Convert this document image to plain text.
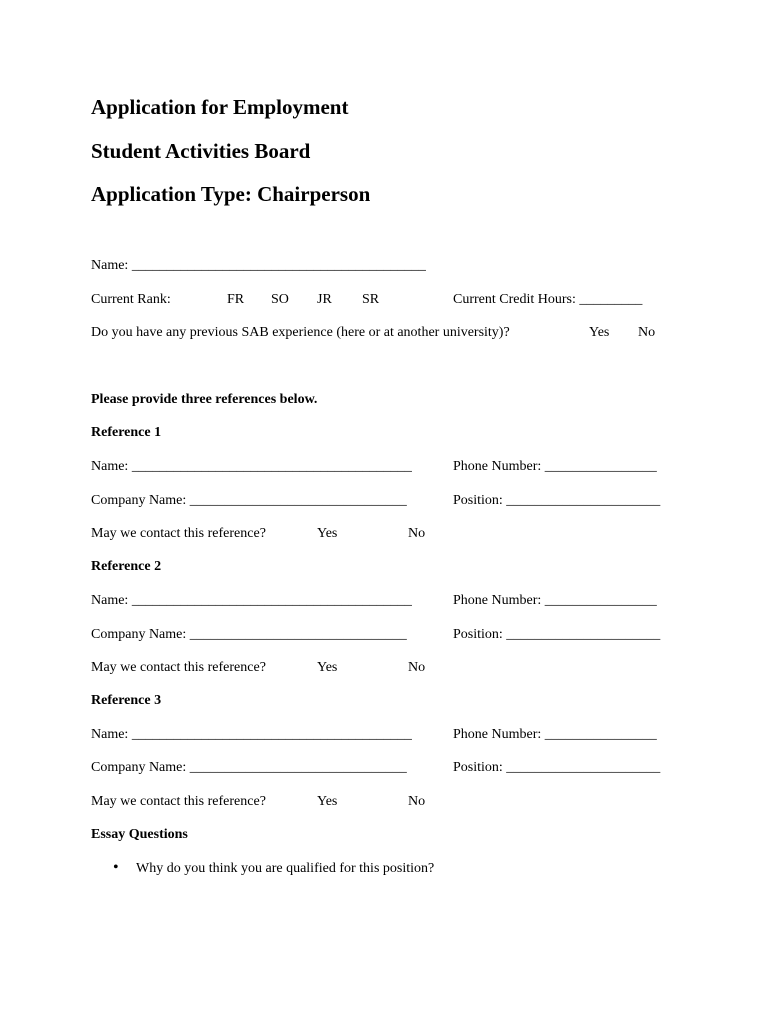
Application for Employment
Student Activities Board
Application Type: Chairperson
Name: __________________________________________
Current Rank:	FR SO JR SR	Current Credit Hours: _________
Do you have any previous SAB experience (here or at another university)?	Yes No
Please provide three references below.
Reference 1
Name: ________________________________________	Phone Number: ________________
Company Name: _______________________________	Position: ______________________
May we contact this reference?	Yes	No
Reference 2
Name: ________________________________________	Phone Number: ________________
Company Name: _______________________________	Position: ______________________
May we contact this reference?	Yes	No
Reference 3
Name: ________________________________________	Phone Number: ________________
Company Name: _______________________________	Position: ______________________
May we contact this reference?	Yes	No
Essay Questions
• Why do you think you are qualified for this position?
